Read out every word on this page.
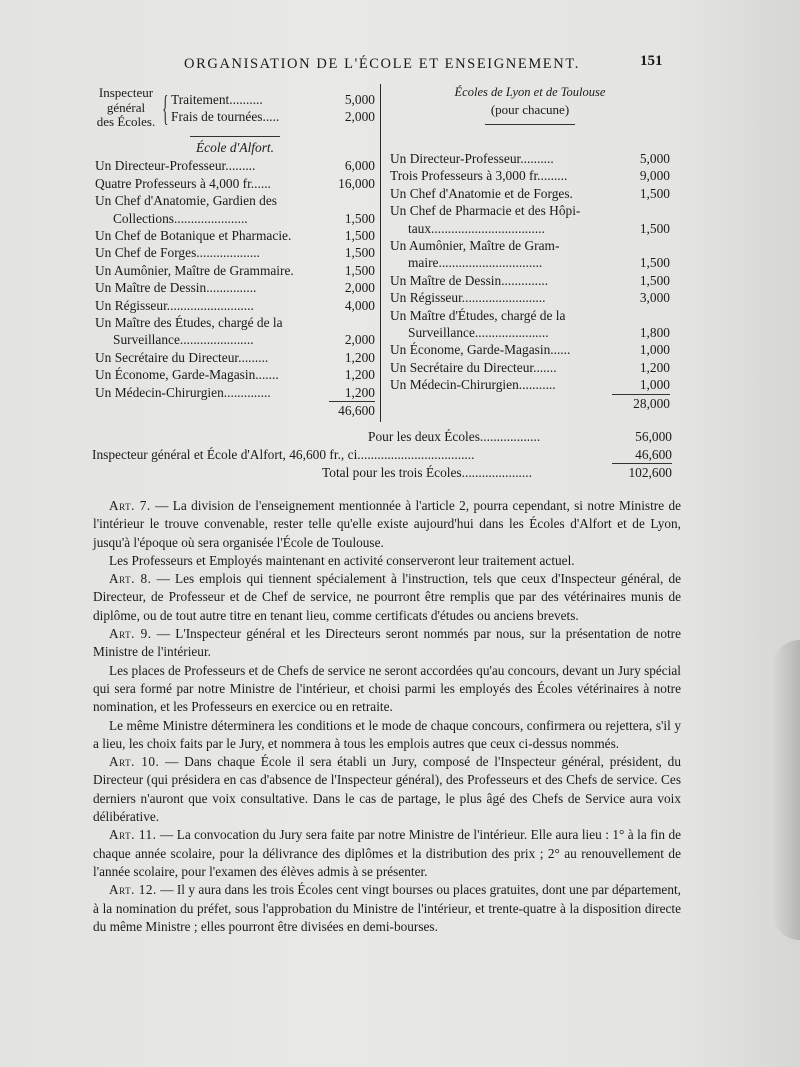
ORGANISATION DE L'ÉCOLE ET ENSEIGNEMENT.	151
Inspecteur
général
des Écoles. { Traitement..........	5,000
Frais de tournées.....	2,000
École d'Alfort.
Un Directeur-Professeur.........	6,000
Quatre Professeurs à 4,000 fr......	16,000
Un Chef d'Anatomie, Gardien des
Collections......................	1,500
Un Chef de Botanique et Pharmacie.	1,500
Un Chef de Forges...................	1,500
Un Aumônier, Maître de Grammaire.	1,500
Un Maître de Dessin...............	2,000
Un Régisseur..........................	4,000
Un Maître des Études, chargé de la
Surveillance......................	2,000
Un Secrétaire du Directeur.........	1,200
Un Économe, Garde-Magasin.......	1,200
Un Médecin-Chirurgien..............	1,200
46,600
Écoles de Lyon et de Toulouse
(pour chacune)
Un Directeur-Professeur..........	5,000
Trois Professeurs à 3,000 fr.........	9,000
Un Chef d'Anatomie et de Forges.	1,500
Un Chef de Pharmacie et des Hôpi-
taux..................................	1,500
Un Aumônier, Maître de Gram-
maire...............................	1,500
Un Maître de Dessin..............	1,500
Un Régisseur.........................	3,000
Un Maître d'Études, chargé de la
Surveillance......................	1,800
Un Économe, Garde-Magasin......	1,000
Un Secrétaire du Directeur.......	1,200
Un Médecin-Chirurgien...........	1,000
28,000
Pour les deux Écoles..................	56,000
Inspecteur général et École d'Alfort, 46,600 fr., ci...................................	46,600
Total pour les trois Écoles.....................	102,600

Art. 7. — La division de l'enseignement mentionnée à l'article 2, pourra cependant, si notre Ministre de l'intérieur le trouve convenable, rester telle qu'elle existe aujourd'hui dans les Écoles d'Alfort et de Lyon, jusqu'à l'époque où sera organisée l'École de Toulouse.

Les Professeurs et Employés maintenant en activité conserveront leur traitement actuel.

Art. 8. — Les emplois qui tiennent spécialement à l'instruction, tels que ceux d'Inspecteur général, de Directeur, de Professeur et de Chef de service, ne pourront être remplis que par des vétérinaires munis de diplôme, ou de tout autre titre en tenant lieu, comme certificats d'études ou anciens brevets.

Art. 9. — L'Inspecteur général et les Directeurs seront nommés par nous, sur la présentation de notre Ministre de l'intérieur.

Les places de Professeurs et de Chefs de service ne seront accordées qu'au concours, devant un Jury spécial qui sera formé par notre Ministre de l'intérieur, et choisi parmi les employés des Écoles vétérinaires à notre nomination, et les Professeurs en exercice ou en retraite.

Le même Ministre déterminera les conditions et le mode de chaque concours, confirmera ou rejettera, s'il y a lieu, les choix faits par le Jury, et nommera à tous les emplois autres que ceux ci-dessus nommés.

Art. 10. — Dans chaque École il sera établi un Jury, composé de l'Inspecteur général, président, du Directeur (qui présidera en cas d'absence de l'Inspecteur général), des Professeurs et des Chefs de service. Ces derniers n'auront que voix consultative. Dans le cas de partage, le plus âgé des Chefs de Service aura voix délibérative.

Art. 11. — La convocation du Jury sera faite par notre Ministre de l'intérieur. Elle aura lieu : 1° à la fin de chaque année scolaire, pour la délivrance des diplômes et la distribution des prix ; 2° au renouvellement de l'année scolaire, pour l'examen des élèves admis à se présenter.

Art. 12. — Il y aura dans les trois Écoles cent vingt bourses ou places gratuites, dont une par département, à la nomination du préfet, sous l'approbation du Ministre de l'intérieur, et trente-quatre à la disposition directe du même Ministre ; elles pourront être divisées en demi-bourses.
